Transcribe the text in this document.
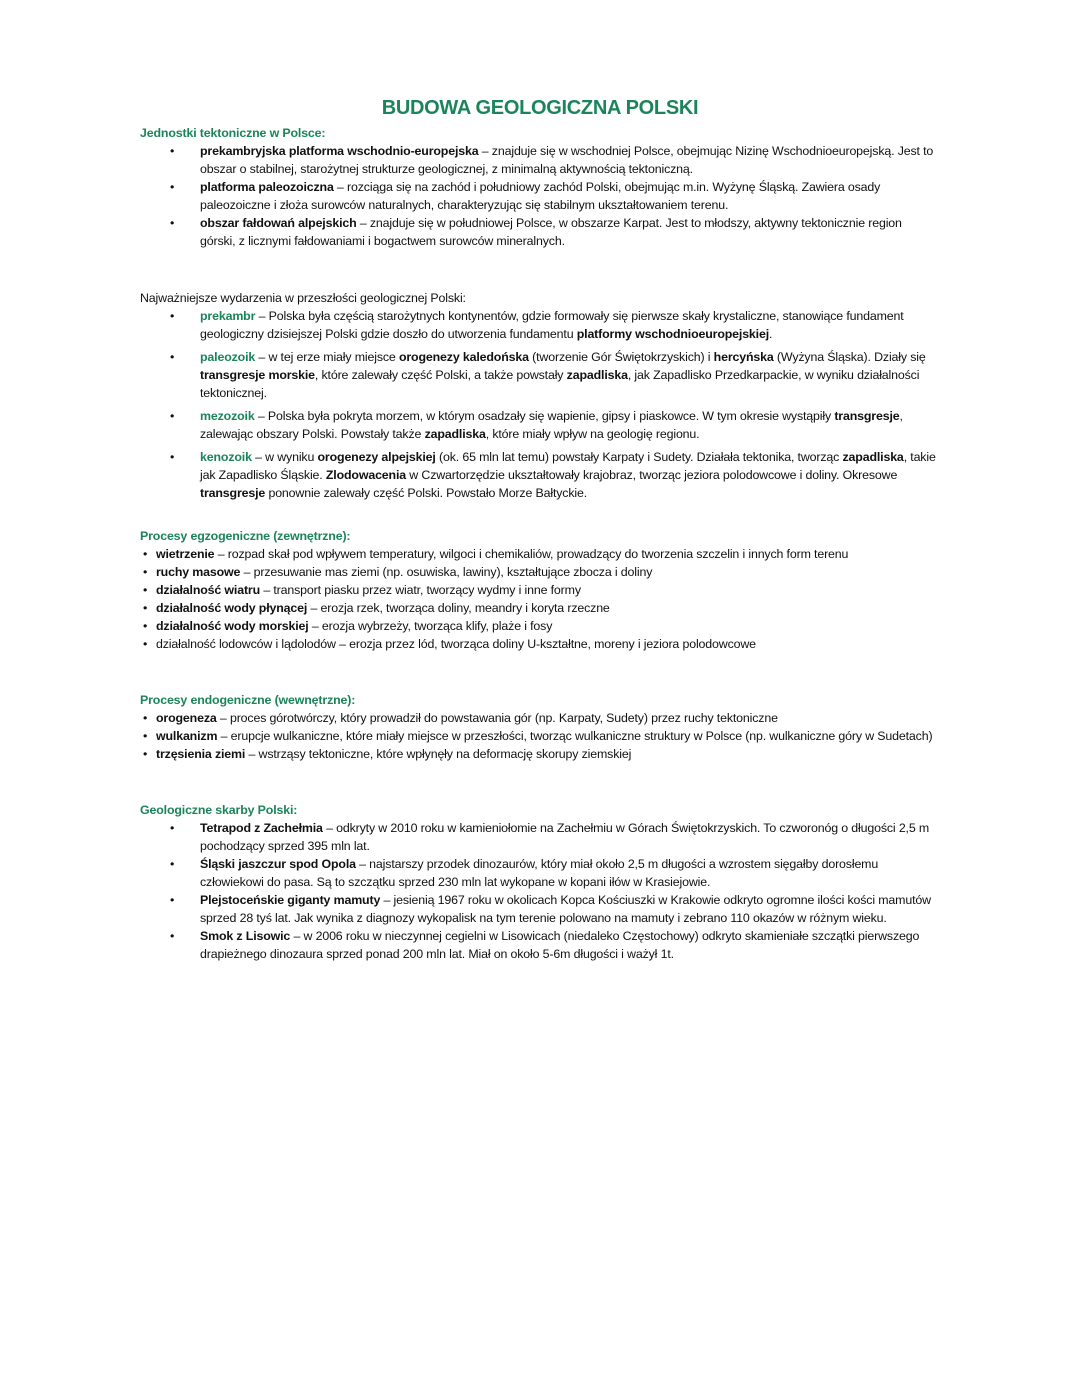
BUDOWA GEOLOGICZNA POLSKI
Jednostki tektoniczne w Polsce:
• prekambryjska platforma wschodnio-europejska – znajduje się w wschodniej Polsce, obejmując Nizinę Wschodnioeuropejską. Jest to obszar o stabilnej, starożytnej strukturze geologicznej, z minimalną aktywnością tektoniczną.
• platforma paleozoiczna – rozciąga się na zachód i południowy zachód Polski, obejmując m.in. Wyżynę Śląską. Zawiera osady paleozoiczne i złoża surowców naturalnych, charakteryzując się stabilnym ukształtowaniem terenu.
• obszar fałdowań alpejskich – znajduje się w południowej Polsce, w obszarze Karpat. Jest to młodszy, aktywny tektonicznie region górski, z licznymi fałdowaniami i bogactwem surowców mineralnych.
Najważniejsze wydarzenia w przeszłości geologicznej Polski:
• prekambr – Polska była częścią starożytnych kontynentów, gdzie formowały się pierwsze skały krystaliczne, stanowiące fundament geologiczny dzisiejszej Polski gdzie doszło do utworzenia fundamentu platformy wschodnioeuropejskiej.
• paleozoik – w tej erze miały miejsce orogenezy kaledońska (tworzenie Gór Świętokrzyskich) i hercyńska (Wyżyna Śląska). Działy się transgresje morskie, które zalewały część Polski, a także powstały zapadliska, jak Zapadlisko Przedkarpackie, w wyniku działalności tektonicznej.
• mezozoik – Polska była pokryta morzem, w którym osadzały się wapienie, gipsy i piaskowce. W tym okresie wystąpiły transgresje, zalewając obszary Polski. Powstały także zapadliska, które miały wpływ na geologię regionu.
• kenozoik – w wyniku orogenezy alpejskiej (ok. 65 mln lat temu) powstały Karpaty i Sudety. Działała tektonika, tworząc zapadliska, takie jak Zapadlisko Śląskie. Zlodowacenia w Czwartorzędzie ukształtowały krajobraz, tworząc jeziora polodowcowe i doliny. Okresowe transgresje ponownie zalewały część Polski. Powstało Morze Bałtyckie.
Procesy egzogeniczne (zewnętrzne):
• wietrzenie – rozpad skał pod wpływem temperatury, wilgoci i chemikaliów, prowadzący do tworzenia szczelin i innych form terenu
• ruchy masowe – przesuwanie mas ziemi (np. osuwiska, lawiny), kształtujące zbocza i doliny
• działalność wiatru – transport piasku przez wiatr, tworzący wydmy i inne formy
• działalność wody płynącej – erozja rzek, tworząca doliny, meandry i koryta rzeczne
• działalność wody morskiej – erozja wybrzeży, tworząca klify, plaże i fosy
• działalność lodowców i lądolodów – erozja przez lód, tworząca doliny U-kształtne, moreny i jeziora polodowcowe
Procesy endogeniczne (wewnętrzne):
• orogeneza – proces górotwórczy, który prowadził do powstawania gór (np. Karpaty, Sudety) przez ruchy tektoniczne
• wulkanizm – erupcje wulkaniczne, które miały miejsce w przeszłości, tworząc wulkaniczne struktury w Polsce (np. wulkaniczne góry w Sudetach)
• trzęsienia ziemi – wstrząsy tektoniczne, które wpłynęły na deformację skorupy ziemskiej
Geologiczne skarby Polski:
• Tetrapod z Zachełmia – odkryty w 2010 roku w kamieniołomie na Zachełmiu w Górach Świętokrzyskich. To czworonóg o długości 2,5 m pochodzący sprzed 395 mln lat.
• Śląski jaszczur spod Opola – najstarszy przodek dinozaurów, który miał około 2,5 m długości a wzrostem sięgałby dorosłemu człowiekowi do pasa. Są to szczątku sprzed 230 mln lat wykopane w kopani iłów w Krasiejowie.
• Plejstoceńskie giganty mamuty – jesienią 1967 roku w okolicach Kopca Kościuszki w Krakowie odkryto ogromne ilości kości mamutów sprzed 28 tyś lat. Jak wynika z diagnozy wykopalisk na tym terenie polowano na mamuty i zebrano 110 okazów w różnym wieku.
• Smok z Lisowic – w 2006 roku w nieczynnej cegielni w Lisowicach (niedaleko Częstochowy) odkryto skamieniałe szczątki pierwszego drapieżnego dinozaura sprzed ponad 200 mln lat. Miał on około 5-6m długości i ważył 1t.
